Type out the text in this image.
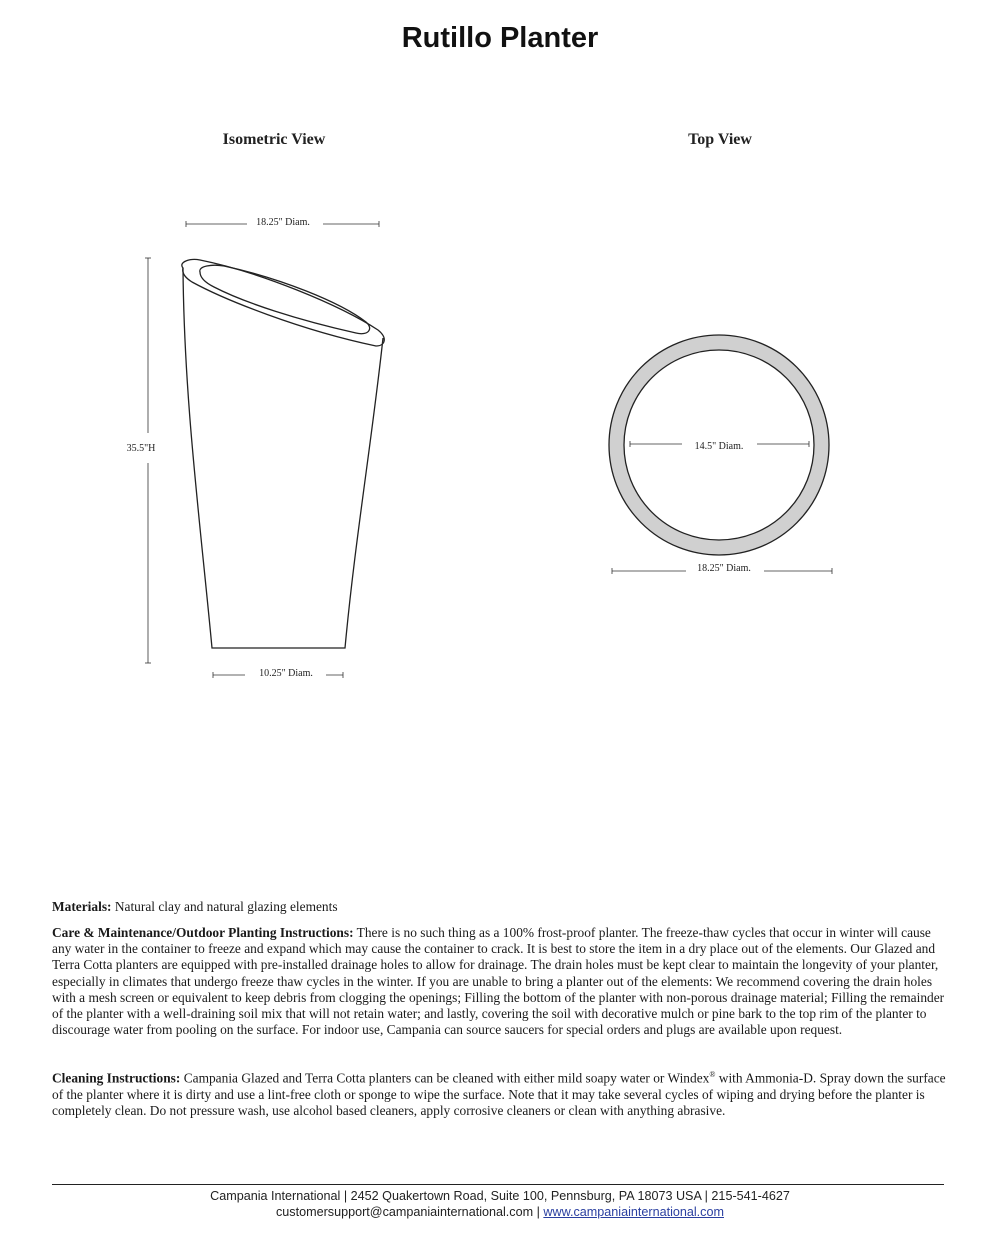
Rutillo Planter
Isometric View	Top View
18.25" Diam.
35.5"H
10.25" Diam.
14.5" Diam.
18.25" Diam.
Materials: Natural clay and natural glazing elements
Care & Maintenance/Outdoor Planting Instructions: There is no such thing as a 100% frost-proof planter. The freeze-thaw cycles that occur in winter will cause any water in the container to freeze and expand which may cause the container to crack. It is best to store the item in a dry place out of the elements. Our Glazed and Terra Cotta planters are equipped with pre-installed drainage holes to allow for drainage. The drain holes must be kept clear to maintain the longevity of your planter, especially in climates that undergo freeze thaw cycles in the winter. If you are unable to bring a planter out of the elements: We recommend covering the drain holes with a mesh screen or equivalent to keep debris from clogging the openings; Filling the bottom of the planter with non-porous drainage material; Filling the remainder of the planter with a well-draining soil mix that will not retain water; and lastly, covering the soil with decorative mulch or pine bark to the top rim of the planter to discourage water from pooling on the surface. For indoor use, Campania can source saucers for special orders and plugs are available upon request.
Cleaning Instructions: Campania Glazed and Terra Cotta planters can be cleaned with either mild soapy water or Windex® with Ammonia-D. Spray down the surface of the planter where it is dirty and use a lint-free cloth or sponge to wipe the surface. Note that it may take several cycles of wiping and drying before the planter is completely clean. Do not pressure wash, use alcohol based cleaners, apply corrosive cleaners or clean with anything abrasive.
Campania International | 2452 Quakertown Road, Suite 100, Pennsburg, PA 18073 USA | 215-541-4627
customersupport@campaniainternational.com | www.campaniainternational.com
